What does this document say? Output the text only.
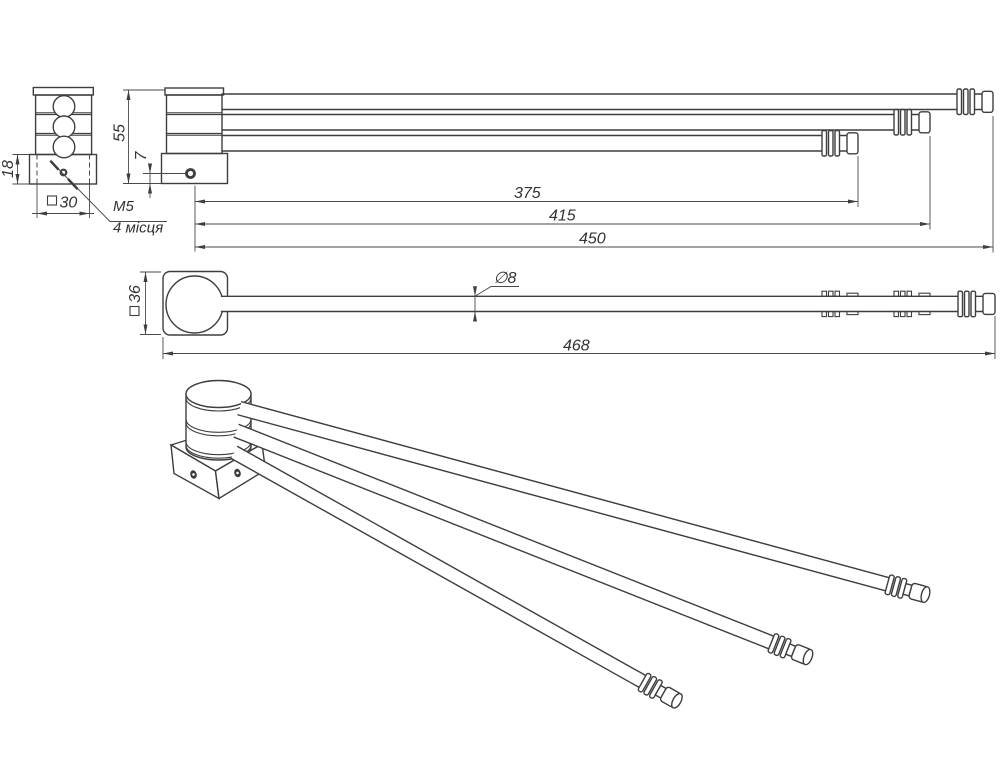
M5
4 місця
18
30
55
7
375
415
450
36
∅8
468
